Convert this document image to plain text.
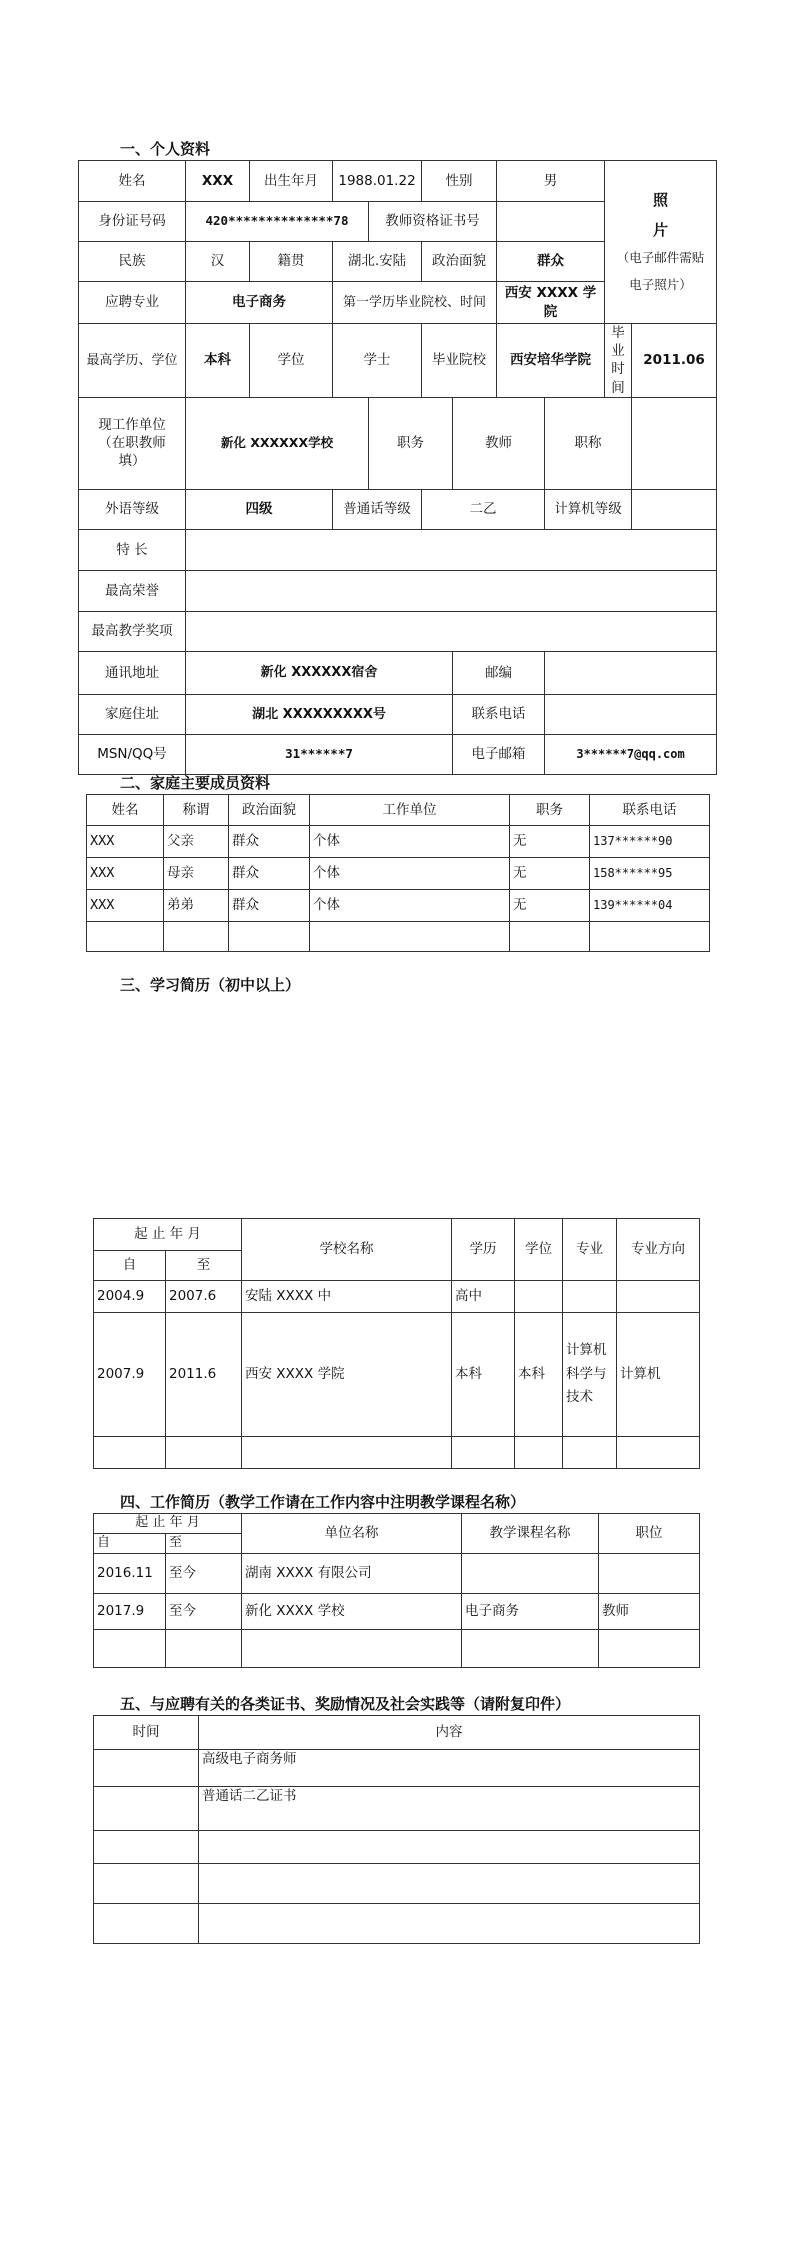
一、个人资料
姓名	XXX	出生年月	1988.01.22		性别		男		照
片
（电子邮件需贴
电子照片）	

身份证号码	420**************78			教师资格证书号						
民族	汉	籍贯	湖北.安陆		政治面貌		群众			
应聘专业	电子商务		第一学历毕业院校、时间				西安 XXXX 学院			
最高学历、学位	本科	学位	学士		毕业院校		西安培华学院		毕业时间	2011.06

现工作单位
（在职教师
填）	新化 XXXXXX学校			职务		教师		职称		
外语等级	四级		普通话等级		二乙			计算机等级		
特 长										
最高荣誉										
最高教学奖项										
通讯地址	新化 XXXXXX宿舍					邮编				
家庭住址	湖北 XXXXXXXXX号					联系电话				
MSN/QQ号	31******7					电子邮箱		3******7@qq.com		
二、家庭主要成员资料
姓名	称谓	政治面貌	工作单位	职务	联系电话
XXX	父亲	群众	个体	无	137******90
XXX	母亲	群众	个体	无	158******95
XXX	弟弟	群众	个体	无	139******04

三、学习简历（初中以上）
起 止 年 月		学校名称	学历	学位	专业	专业方向
自	至					
2004.9	2007.6	安陆 XXXX 中	高中			
2007.9	2011.6	西安 XXXX 学院	本科	本科	计算机科学与技术	计算机

四、工作简历（教学工作请在工作内容中注明教学课程名称）
起 止 年 月		单位名称	教学课程名称	职位
自	至			
2016.11	至今	湖南 XXXX 有限公司		
2017.9	至今	新化 XXXX 学校	电子商务	教师

五、与应聘有关的各类证书、奖励情况及社会实践等（请附复印件）
时间	内容
	高级电子商务师
	普通话二乙证书
